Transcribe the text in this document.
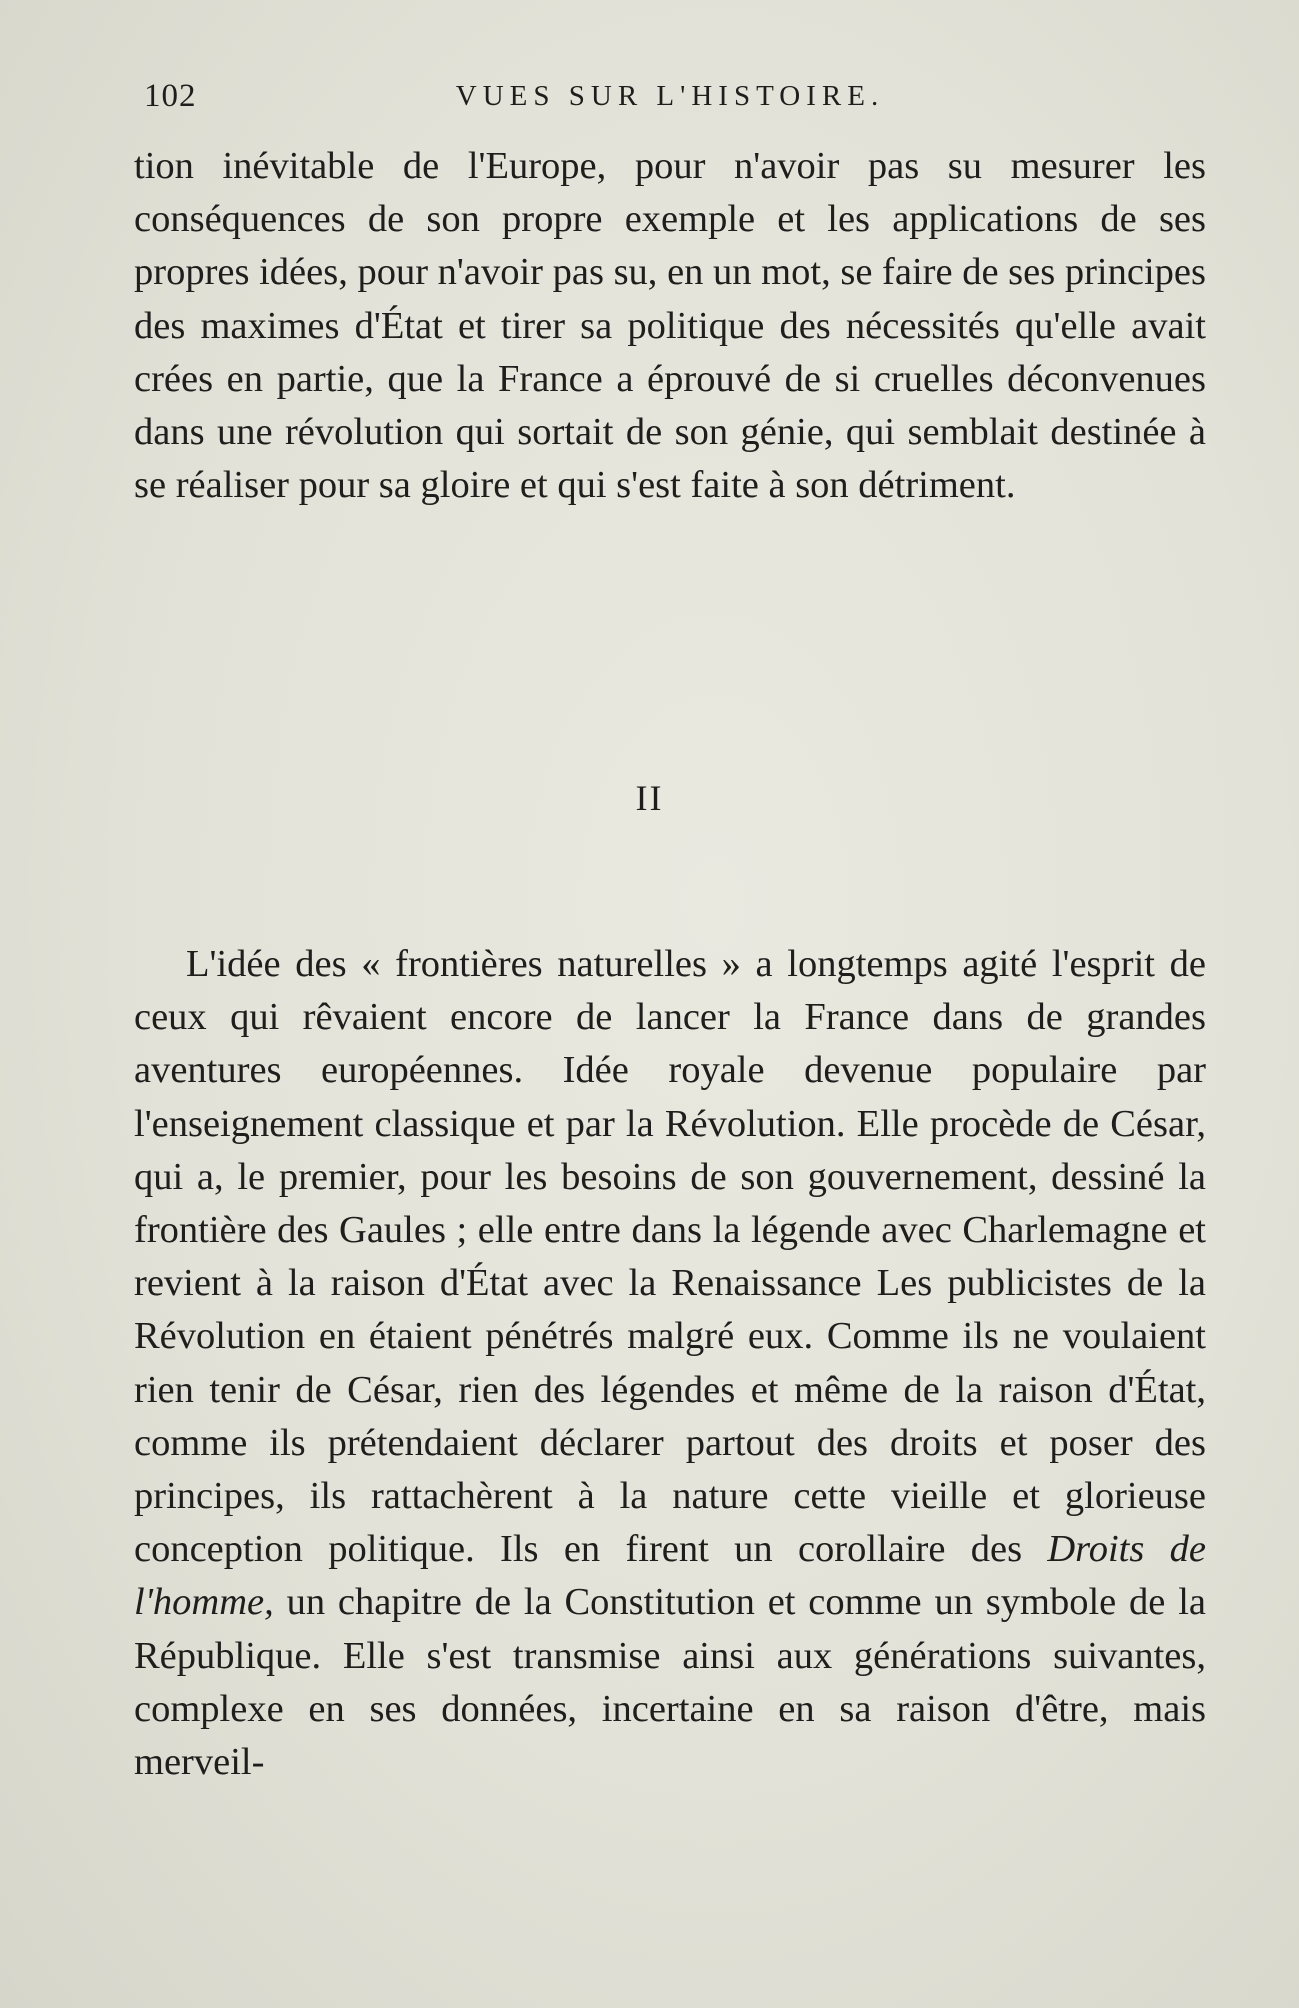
102	VUES SUR L'HISTOIRE.

tion inévitable de l'Europe, pour n'avoir pas su mesurer les conséquences de son propre exemple et les applications de ses propres idées, pour n'avoir pas su, en un mot, se faire de ses principes des maximes d'État et tirer sa politique des nécessités qu'elle avait crées en partie, que la France a éprouvé de si cruelles déconvenues dans une révolution qui sortait de son génie, qui semblait destinée à se réaliser pour sa gloire et qui s'est faite à son détriment.

II

L'idée des « frontières naturelles » a longtemps agité l'esprit de ceux qui rêvaient encore de lancer la France dans de grandes aventures européennes. Idée royale devenue populaire par l'enseignement classique et par la Révolution. Elle procède de César, qui a, le premier, pour les besoins de son gouvernement, dessiné la frontière des Gaules ; elle entre dans la légende avec Charlemagne et revient à la raison d'État avec la Renaissance Les publicistes de la Révolution en étaient pénétrés malgré eux. Comme ils ne voulaient rien tenir de César, rien des légendes et même de la raison d'État, comme ils prétendaient déclarer partout des droits et poser des principes, ils rattachèrent à la nature cette vieille et glorieuse conception politique. Ils en firent un corollaire des Droits de l'homme, un chapitre de la Constitution et comme un symbole de la République. Elle s'est transmise ainsi aux générations suivantes, complexe en ses données, incertaine en sa raison d'être, mais merveil-
